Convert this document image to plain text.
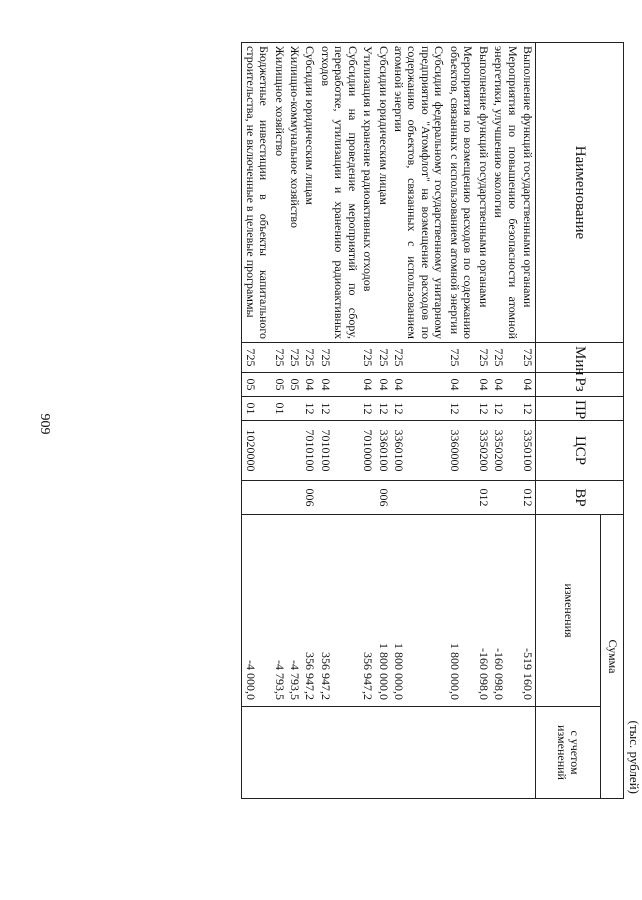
909
(тыс. рублей)
Наименование	Мин	Рз	ПР	ЦСР	ВР	Сумма	
						изменения	с учетом изменений
Выполнение функций государственными органами	725	04	12	3350100	012	-519 160,0	
Мероприятия по повышению безопасности атомной энергетики, улучшению экологии	725	04	12	3350200		-160 098,0	
Выполнение функций государственными органами	725	04	12	3350200	012	-160 098,0	
Мероприятия по возмещению расходов по содержанию объектов, связанных с использованием атомной энергии	725	04	12	3360000		1 800 000,0	
Субсидии федеральному государственному унитарному предприятию "Атомфлот" на возмещение расходов по содержанию объектов, связанных с использованием атомной энергии	725	04	12	3360100		1 800 000,0	
Субсидии юридическим лицам	725	04	12	3360100	006	1 800 000,0	
Утилизация и хранение радиоактивных отходов	725	04	12	7010000		356 947,2	
Субсидии на проведение мероприятий по сбору, переработке, утилизации и хранению радиоактивных отходов	725	04	12	7010100		356 947,2	
Субсидии юридическим лицам	725	04	12	7010100	006	356 947,2	
Жилищно-коммунальное хозяйство	725	05				-4 793,5	
Жилищное хозяйство	725	05	01			-4 793,5	
Бюджетные инвестиции в объекты капитального строительства, не включенные в целевые программы	725	05	01	1020000		-4 000,0	
